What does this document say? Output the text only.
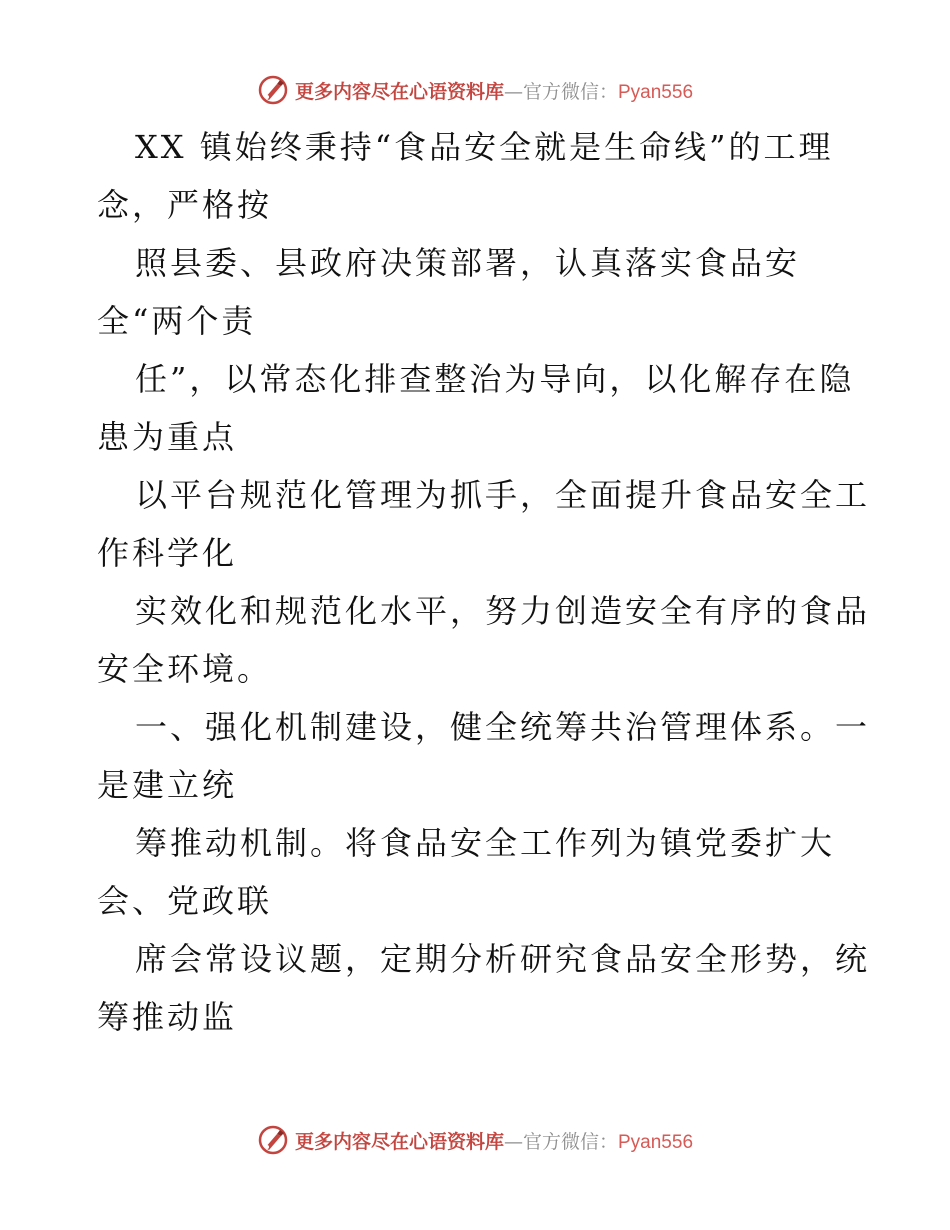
更多内容尽在心语资料库—官方微信：Pyan556
XX 镇始终秉持“食品安全就是生命线”的工理
念，严格按
照县委、县政府决策部署，认真落实食品安
全“两个责
任”，以常态化排查整治为导向，以化解存在隐
患为重点
以平台规范化管理为抓手，全面提升食品安全工
作科学化
实效化和规范化水平，努力创造安全有序的食品
安全环境。
一、强化机制建设，健全统筹共治管理体系。一
是建立统
筹推动机制。将食品安全工作列为镇党委扩大
会、党政联
席会常设议题，定期分析研究食品安全形势，统
筹推动监
更多内容尽在心语资料库—官方微信：Pyan556
